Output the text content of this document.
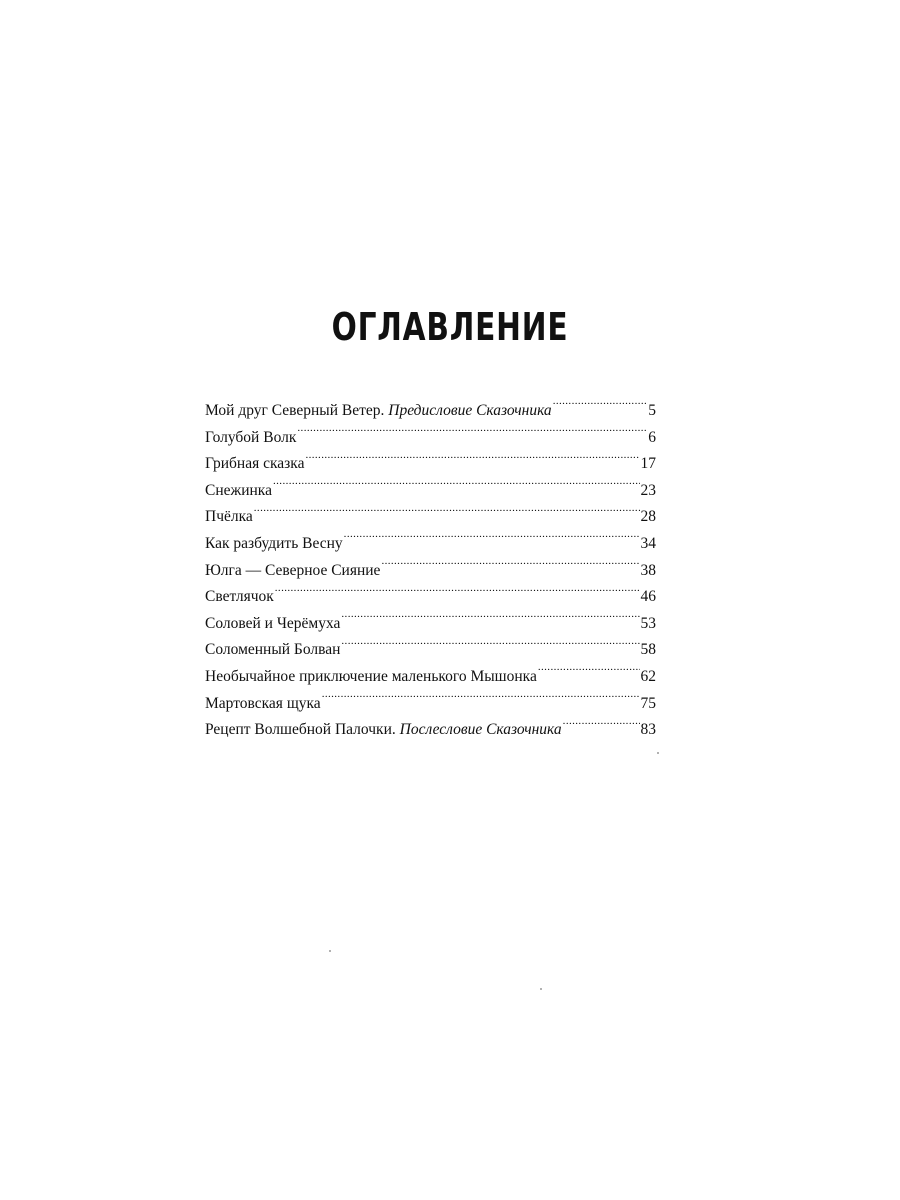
ОГЛАВЛЕНИЕ
Мой друг Северный Ветер. Предисловие Сказочника .....	5
Голубой Волк .....	6
Грибная сказка .....	17
Снежинка .....	23
Пчёлка .....	28
Как разбудить Весну .....	34
Юлга — Северное Сияние .....	38
Светлячок .....	46
Соловей и Черёмуха .....	53
Соломенный Болван .....	58
Необычайное приключение маленького Мышонка .....	62
Мартовская щука .....	75
Рецепт Волшебной Палочки. Послесловие Сказочника .....	83
